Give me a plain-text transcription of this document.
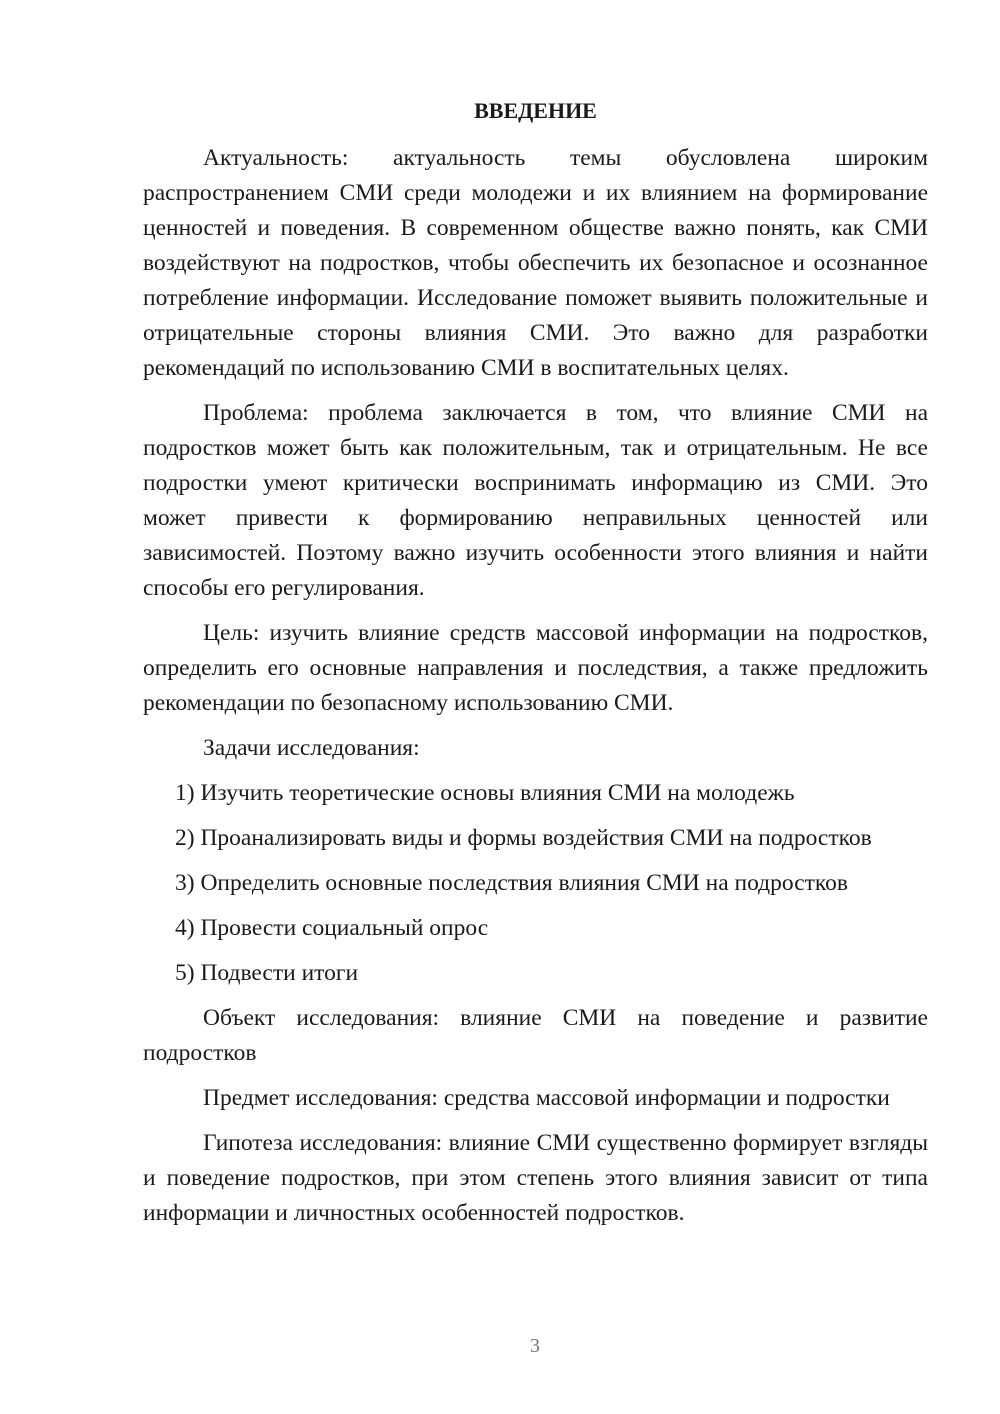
ВВЕДЕНИЕ

Актуальность: актуальность темы обусловлена широким распространением СМИ среди молодежи и их влиянием на формирование ценностей и поведения. В современном обществе важно понять, как СМИ воздействуют на подростков, чтобы обеспечить их безопасное и осознанное потребление информации. Исследование поможет выявить положительные и отрицательные стороны влияния СМИ. Это важно для разработки рекомендаций по использованию СМИ в воспитательных целях.

Проблема: проблема заключается в том, что влияние СМИ на подростков может быть как положительным, так и отрицательным. Не все подростки умеют критически воспринимать информацию из СМИ. Это может привести к формированию неправильных ценностей или зависимостей. Поэтому важно изучить особенности этого влияния и найти способы его регулирования.

Цель: изучить влияние средств массовой информации на подростков, определить его основные направления и последствия, а также предложить рекомендации по безопасному использованию СМИ.

Задачи исследования:
1) Изучить теоретические основы влияния СМИ на молодежь
2) Проанализировать виды и формы воздействия СМИ на подростков
3) Определить основные последствия влияния СМИ на подростков
4) Провести социальный опрос
5) Подвести итоги

Объект исследования: влияние СМИ на поведение и развитие подростков

Предмет исследования: средства массовой информации и подростки

Гипотеза исследования: влияние СМИ существенно формирует взгляды и поведение подростков, при этом степень этого влияния зависит от типа информации и личностных особенностей подростков.

3
